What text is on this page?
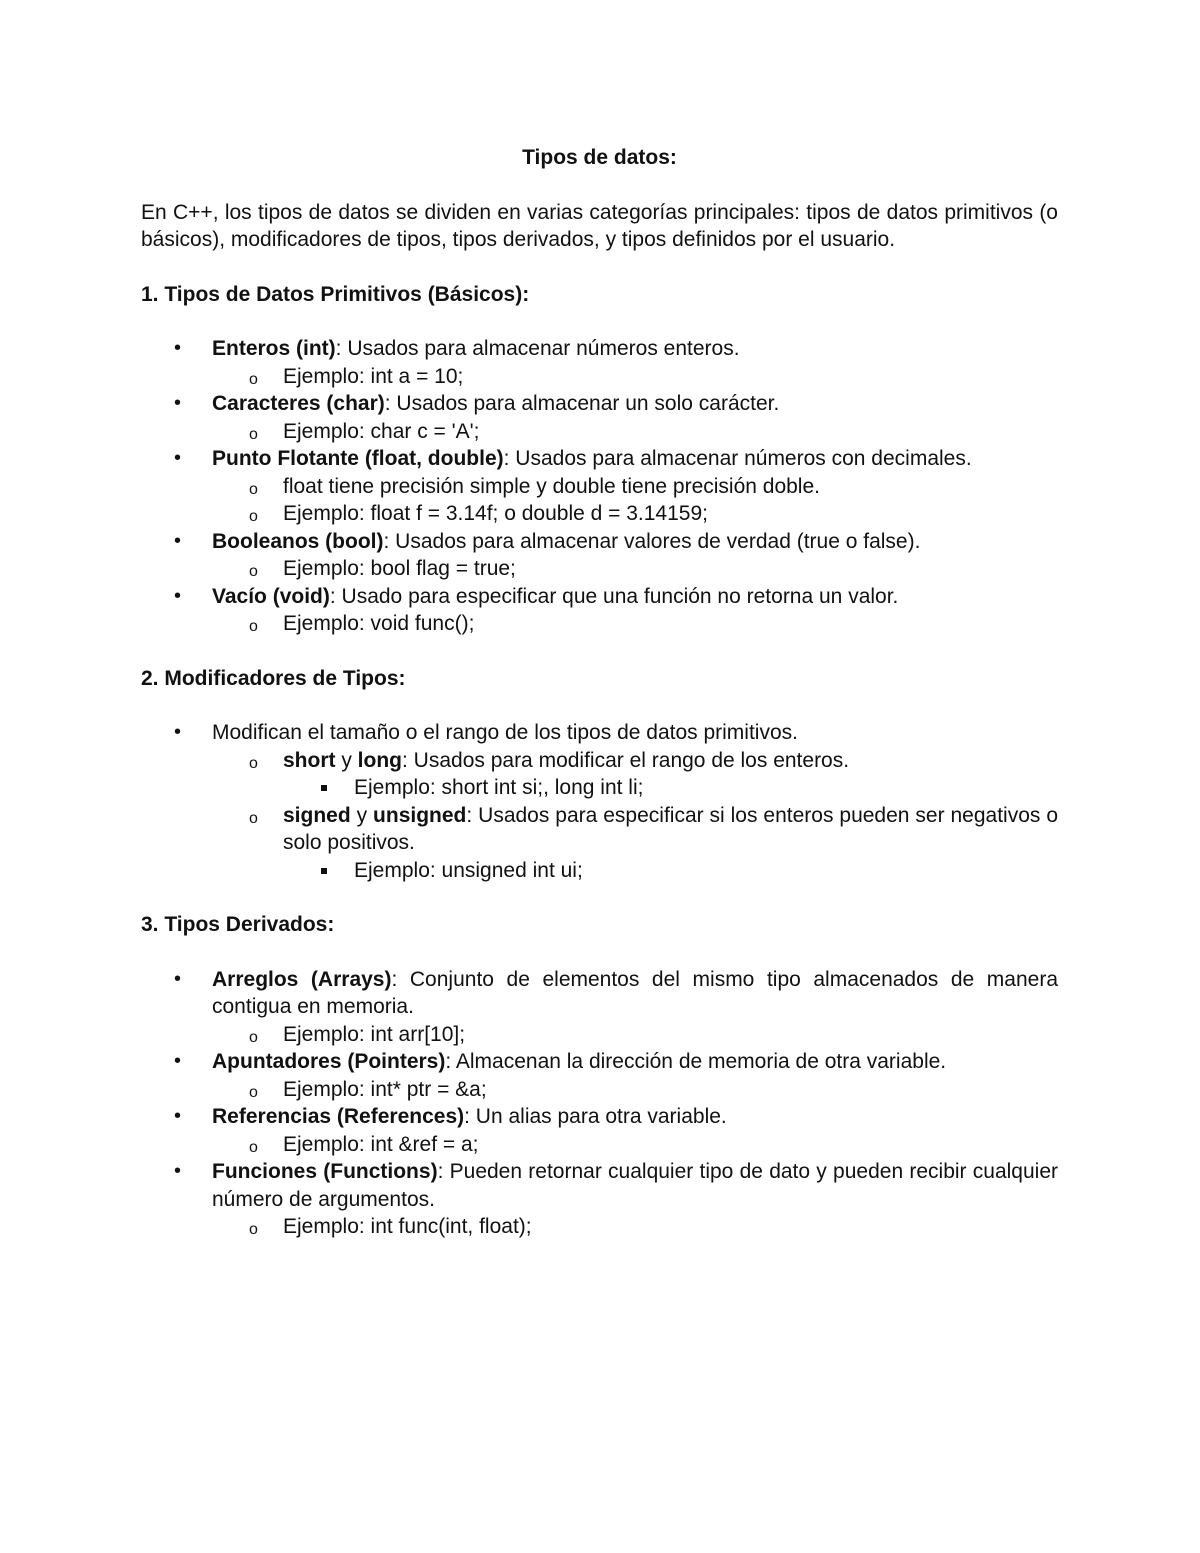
Tipos de datos:
En C++, los tipos de datos se dividen en varias categorías principales: tipos de datos primitivos (o básicos), modificadores de tipos, tipos derivados, y tipos definidos por el usuario.
1. Tipos de Datos Primitivos (Básicos):
• Enteros (int): Usados para almacenar números enteros.
o Ejemplo: int a = 10;
• Caracteres (char): Usados para almacenar un solo carácter.
o Ejemplo: char c = 'A';
• Punto Flotante (float, double): Usados para almacenar números con decimales.
o float tiene precisión simple y double tiene precisión doble.
o Ejemplo: float f = 3.14f; o double d = 3.14159;
• Booleanos (bool): Usados para almacenar valores de verdad (true o false).
o Ejemplo: bool flag = true;
• Vacío (void): Usado para especificar que una función no retorna un valor.
o Ejemplo: void func();
2. Modificadores de Tipos:
• Modifican el tamaño o el rango de los tipos de datos primitivos.
o short y long: Usados para modificar el rango de los enteros.
Ejemplo: short int si;, long int li;
o signed y unsigned: Usados para especificar si los enteros pueden ser negativos o solo positivos.
Ejemplo: unsigned int ui;
3. Tipos Derivados:
• Arreglos (Arrays): Conjunto de elementos del mismo tipo almacenados de manera contigua en memoria.
o Ejemplo: int arr[10];
• Apuntadores (Pointers): Almacenan la dirección de memoria de otra variable.
o Ejemplo: int* ptr = &a;
• Referencias (References): Un alias para otra variable.
o Ejemplo: int &ref = a;
• Funciones (Functions): Pueden retornar cualquier tipo de dato y pueden recibir cualquier número de argumentos.
o Ejemplo: int func(int, float);
